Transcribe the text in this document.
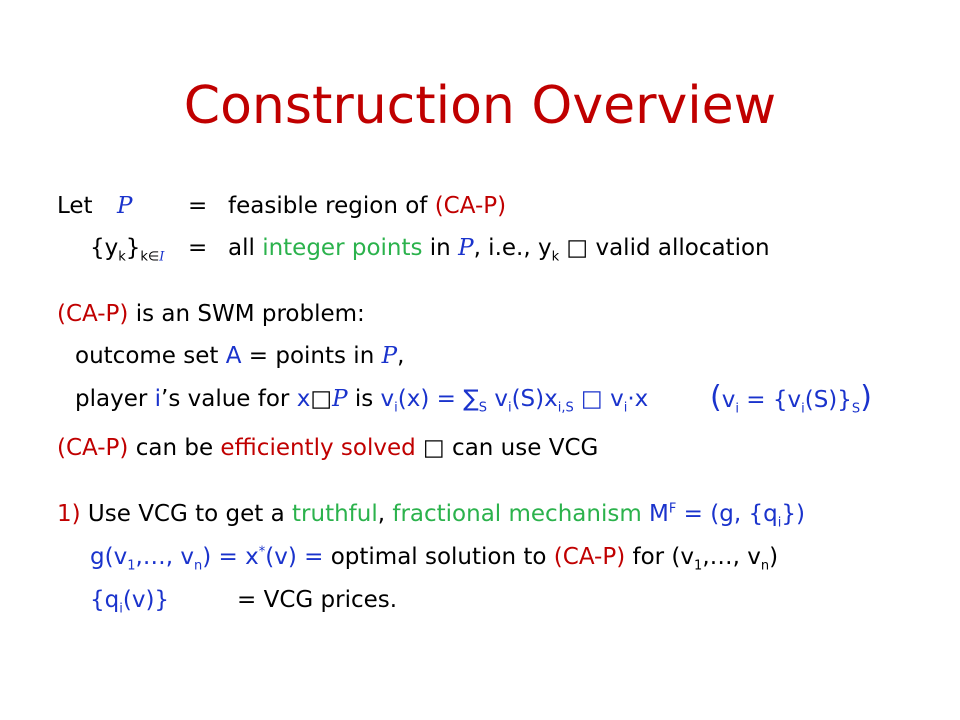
Construction Overview
Let P = feasible region of (CA-P)
$\{y_k\}_{k\in I}$ = all integer points in P, i.e., $y_k$ □ valid allocation
(CA-P) is an SWM problem:
outcome set A = points in P,
player i’s value for x□P is $v_i(x) = \sum_S$ $v_i(S)x_{i,S}$ □ $v_i\cdot x$ $(v_i = \{v_i(S)\}_S)$
(CA-P) can be efficiently solved □ can use VCG
1) Use VCG to get a truthful, fractional mechanism $M^F = (g$, $\{q_i\}$)
$g(v_1,\dots$, $v_n) = x^*(v)$ = optimal solution to (CA-P) for ($v_1,\dots$, $v_n$)
$\{q_i(v)\}$	= VCG prices.
